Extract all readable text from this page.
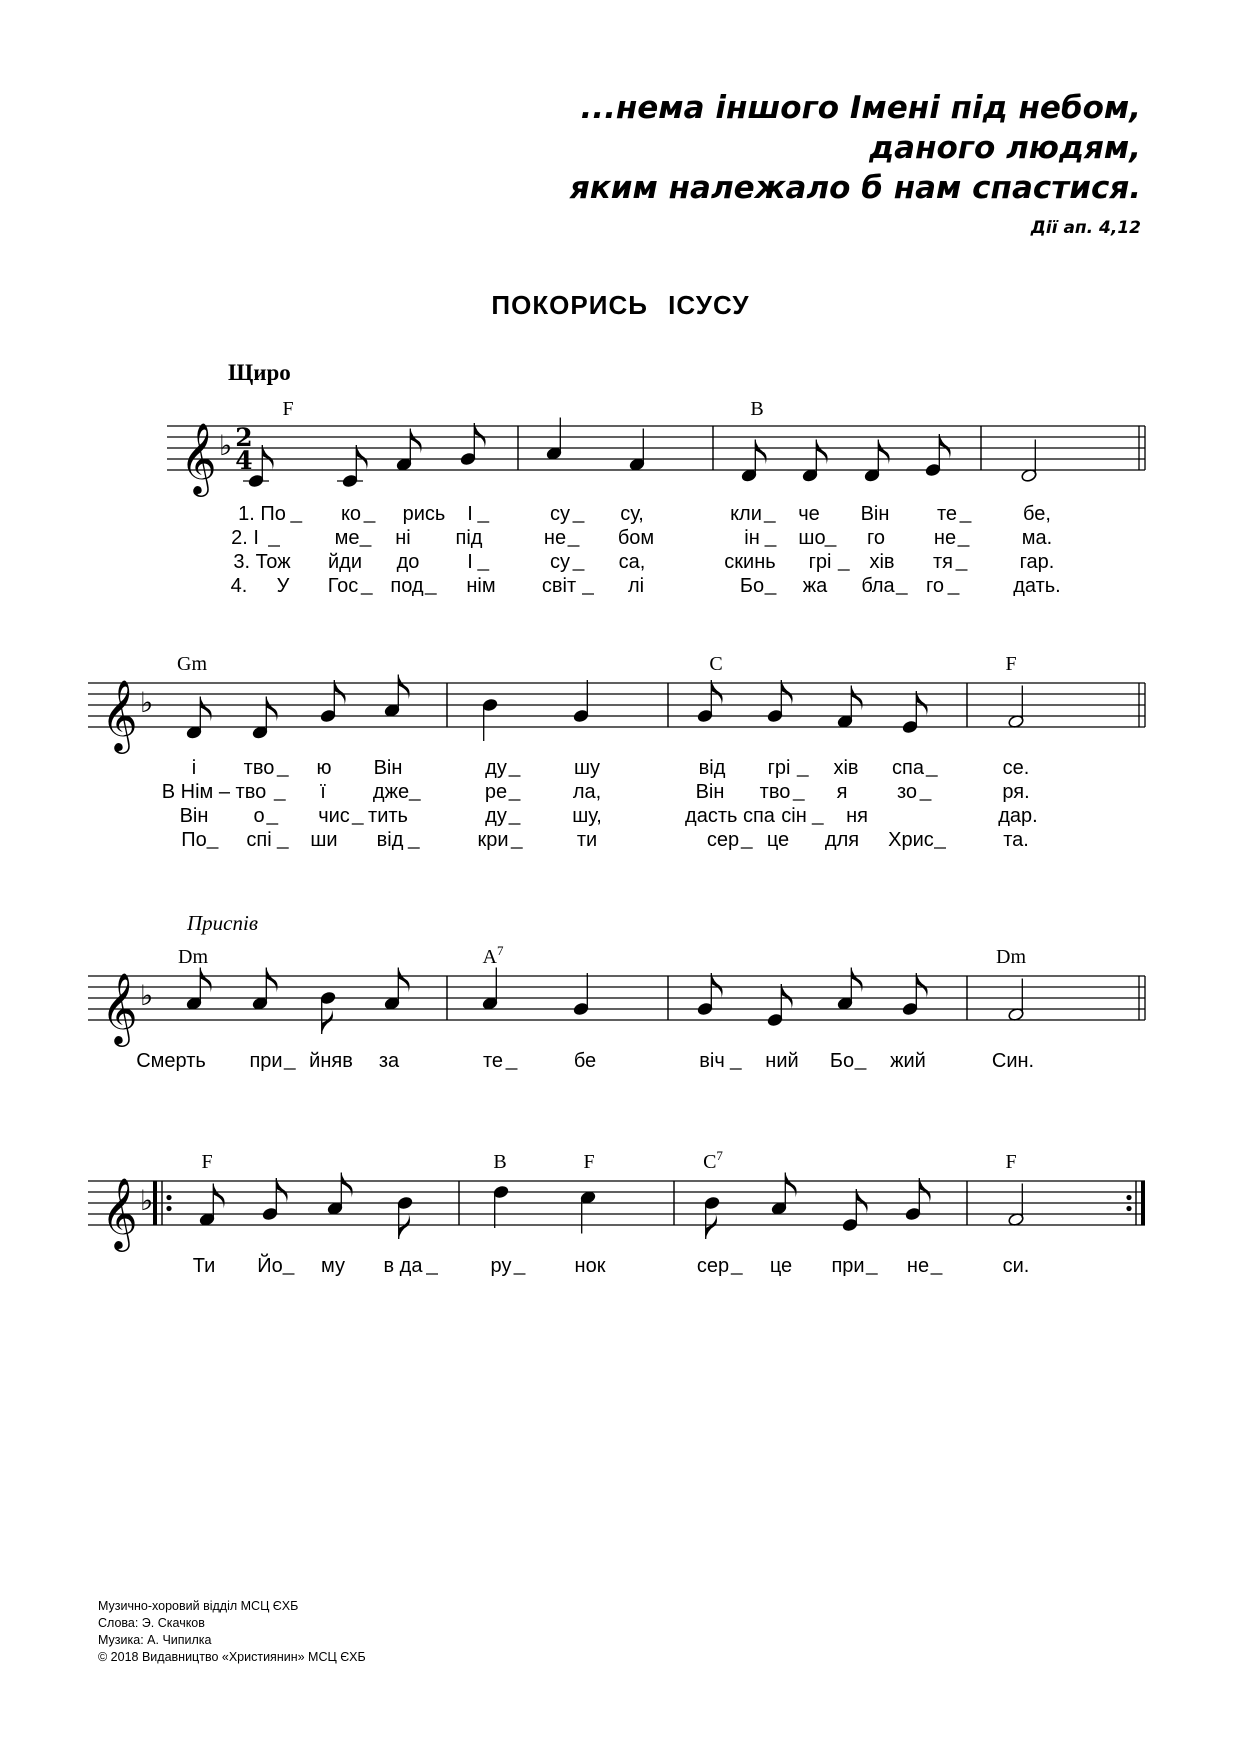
...нема іншого Імені під небом,
даного людям,
яким належало б нам спастися.
Дії ап. 4,12
ПОКОРИСЬ ІСУСУ
Щиро
Приспів
𝄞 ♭ 2
4
F	B
1. По	ко рись І	су	су,	кли че Він те	бе,
2. І	ме ні під	не	бом	ін шо го не	ма.
3. Тож йди до І	су са,	скинь грі хів тя	гар.
4. У Гос под нім світ	лі	Бо жа бла го	дать.
𝄞 ♭
Gm	C	F
і тво ю Він	ду	шу	від грі хів спа	се.
В Нім – тво	ї дже	ре	ла,	Він тво я зо	ря.
Він о	чис тить	ду	шу,	дасть спа сін ня	дар.
По спі ши від	кри	ти	сер це для Хрис	та.
𝄞 ♭
Dm	$A^7$	Dm
Смерть при йняв за	те	бе	віч ний Бо жий	Син.
𝄞 ♭
F	B	F	$C^7$	F
Ти Йо му в да	ру	нок	сер це при не	си.
Музично-хоровий відділ МСЦ ЄХБ
Слова: Э. Скачков
Музика: А. Чипилка
© 2018 Видавництво «Християнин» МСЦ ЄХБ
